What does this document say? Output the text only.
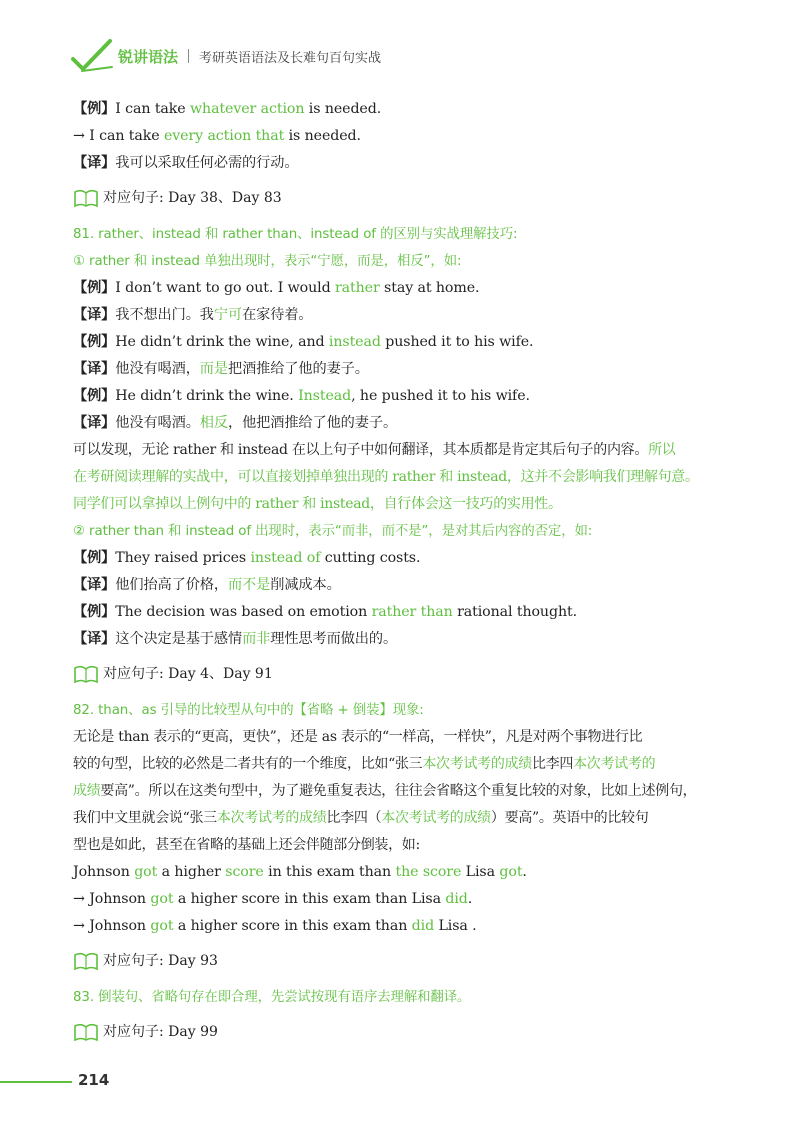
锐讲语法 考研英语语法及长难句百句实战
【例】I can take whatever action is needed.
→ I can take every action that is needed.
【译】我可以采取任何必需的行动。
对应句子: Day 38、Day 83
81. rather、instead 和 rather than、instead of 的区别与实战理解技巧:
① rather 和 instead 单独出现时，表示“宁愿，而是，相反”，如:
【例】I don’t want to go out. I would rather stay at home.
【译】我不想出门。我宁可在家待着。
【例】He didn’t drink the wine, and instead pushed it to his wife.
【译】他没有喝酒，而是把酒推给了他的妻子。
【例】He didn’t drink the wine. Instead, he pushed it to his wife.
【译】他没有喝酒。相反，他把酒推给了他的妻子。
可以发现，无论 rather 和 instead 在以上句子中如何翻译，其本质都是肯定其后句子的内容。所以
在考研阅读理解的实战中，可以直接划掉单独出现的 rather 和 instead，这并不会影响我们理解句意。
同学们可以拿掉以上例句中的 rather 和 instead，自行体会这一技巧的实用性。
② rather than 和 instead of 出现时，表示“而非，而不是”，是对其后内容的否定，如:
【例】They raised prices instead of cutting costs.
【译】他们抬高了价格，而不是削减成本。
【例】The decision was based on emotion rather than rational thought.
【译】这个决定是基于感情而非理性思考而做出的。
对应句子: Day 4、Day 91
82. than、as 引导的比较型从句中的【省略 + 倒装】现象:
无论是 than 表示的“更高，更快”，还是 as 表示的“一样高，一样快”，凡是对两个事物进行比
较的句型，比较的必然是二者共有的一个维度，比如“张三本次考试考的成绩比李四本次考试考的
成绩要高”。所以在这类句型中，为了避免重复表达，往往会省略这个重复比较的对象，比如上述例句，
我们中文里就会说“张三本次考试考的成绩比李四（本次考试考的成绩）要高”。英语中的比较句
型也是如此，甚至在省略的基础上还会伴随部分倒装，如:
Johnson got a higher score in this exam than the score Lisa got.
→ Johnson got a higher score in this exam than Lisa did.
→ Johnson got a higher score in this exam than did Lisa .
对应句子: Day 93
83. 倒装句、省略句存在即合理，先尝试按现有语序去理解和翻译。
对应句子: Day 99
214
